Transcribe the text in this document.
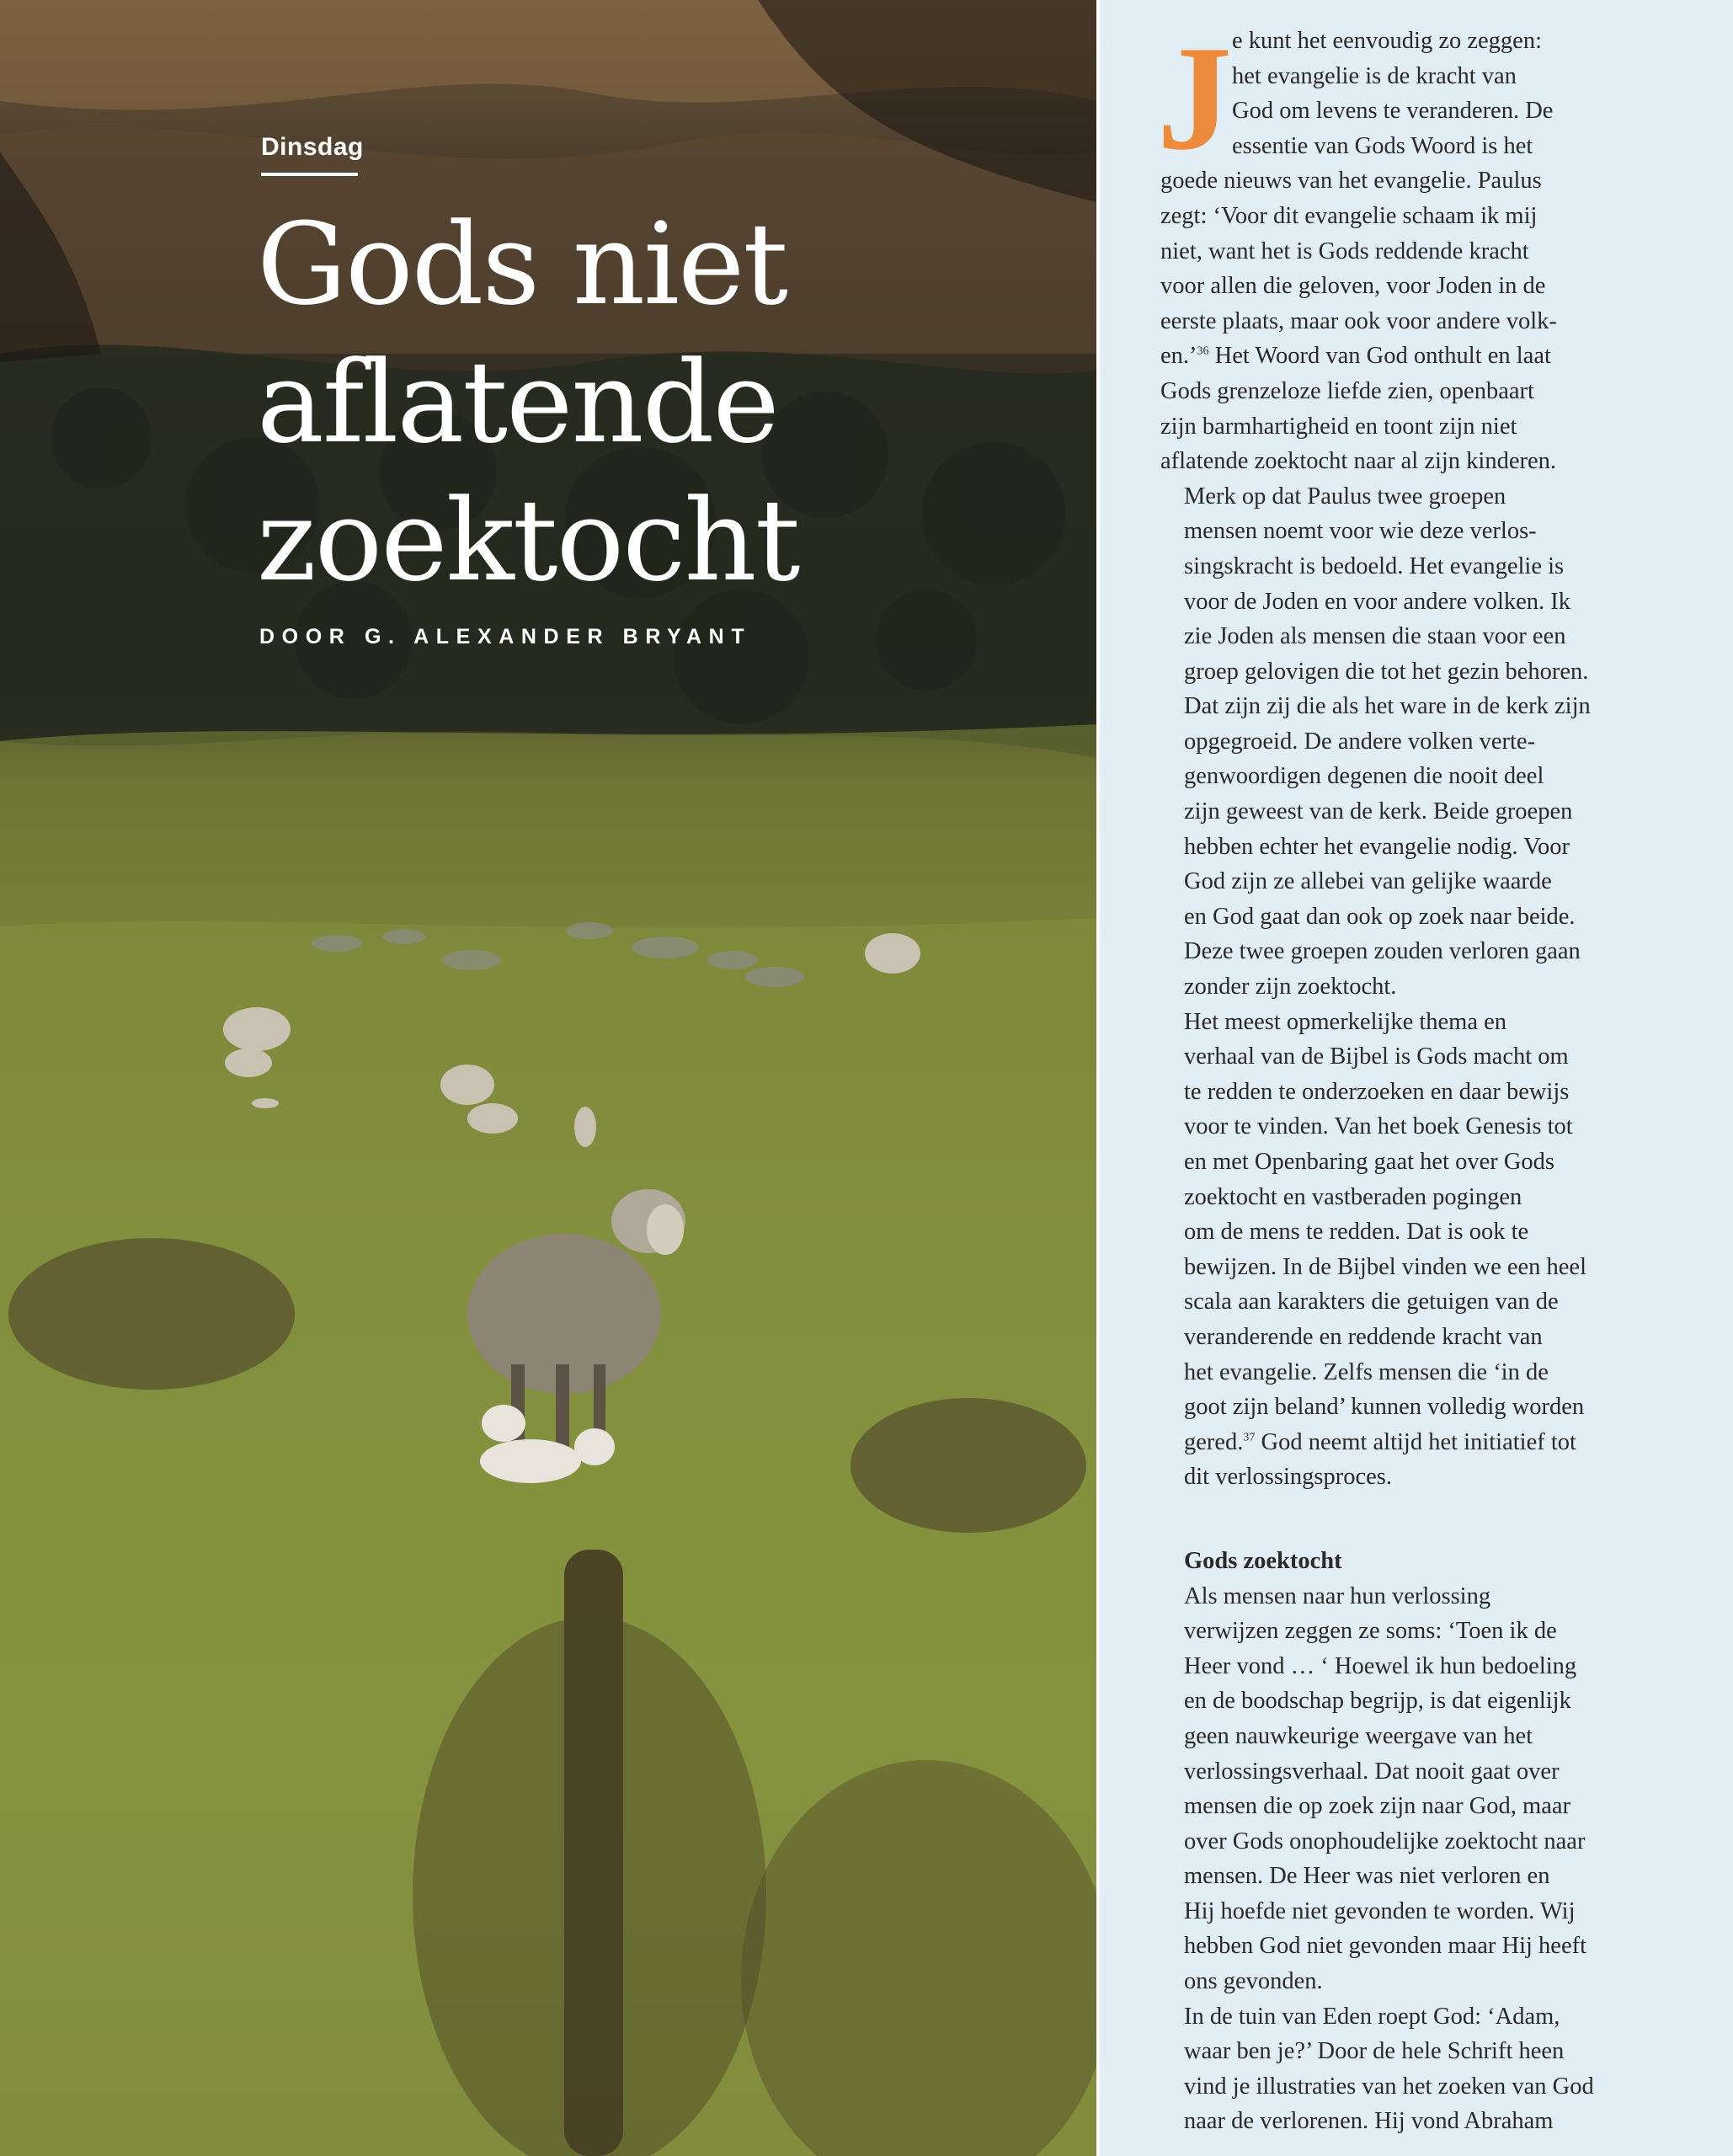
Dinsdag
Gods niet
aflatende
zoektocht
DOOR G. ALEXANDER BRYANT
J e kunt het eenvoudig zo zeggen:
het evangelie is de kracht van
God om levens te veranderen. De
essentie van Gods Woord is het
goede nieuws van het evangelie. Paulus
zegt: ‘Voor dit evangelie schaam ik mij
niet, want het is Gods reddende kracht
voor allen die geloven, voor Joden in de
eerste plaats, maar ook voor andere volk-
en.’$^{36}$ Het Woord van God onthult en laat
Gods grenzeloze liefde zien, openbaart
zijn barmhartigheid en toont zijn niet
aflatende zoektocht naar al zijn kinderen.

Merk op dat Paulus twee groepen
mensen noemt voor wie deze verlos-
singskracht is bedoeld. Het evangelie is
voor de Joden en voor andere volken. Ik
zie Joden als mensen die staan voor een
groep gelovigen die tot het gezin behoren.
Dat zijn zij die als het ware in de kerk zijn
opgegroeid. De andere volken verte-
genwoordigen degenen die nooit deel
zijn geweest van de kerk. Beide groepen
hebben echter het evangelie nodig. Voor
God zijn ze allebei van gelijke waarde
en God gaat dan ook op zoek naar beide.
Deze twee groepen zouden verloren gaan
zonder zijn zoektocht.

Het meest opmerkelijke thema en
verhaal van de Bijbel is Gods macht om
te redden te onderzoeken en daar bewijs
voor te vinden. Van het boek Genesis tot
en met Openbaring gaat het over Gods
zoektocht en vastberaden pogingen
om de mens te redden. Dat is ook te
bewijzen. In de Bijbel vinden we een heel
scala aan karakters die getuigen van de
veranderende en reddende kracht van
het evangelie. Zelfs mensen die ‘in de
goot zijn beland’ kunnen volledig worden
gered.$^{37}$ God neemt altijd het initiatief tot
dit verlossingsproces.

Gods zoektocht

Als mensen naar hun verlossing
verwijzen zeggen ze soms: ‘Toen ik de
Heer vond … ‘ Hoewel ik hun bedoeling
en de boodschap begrijp, is dat eigenlijk
geen nauwkeurige weergave van het
verlossingsverhaal. Dat nooit gaat over
mensen die op zoek zijn naar God, maar
over Gods onophoudelijke zoektocht naar
mensen. De Heer was niet verloren en
Hij hoefde niet gevonden te worden. Wij
hebben God niet gevonden maar Hij heeft
ons gevonden.

In de tuin van Eden roept God: ‘Adam,
waar ben je?’ Door de hele Schrift heen
vind je illustraties van het zoeken van God
naar de verlorenen. Hij vond Abraham
